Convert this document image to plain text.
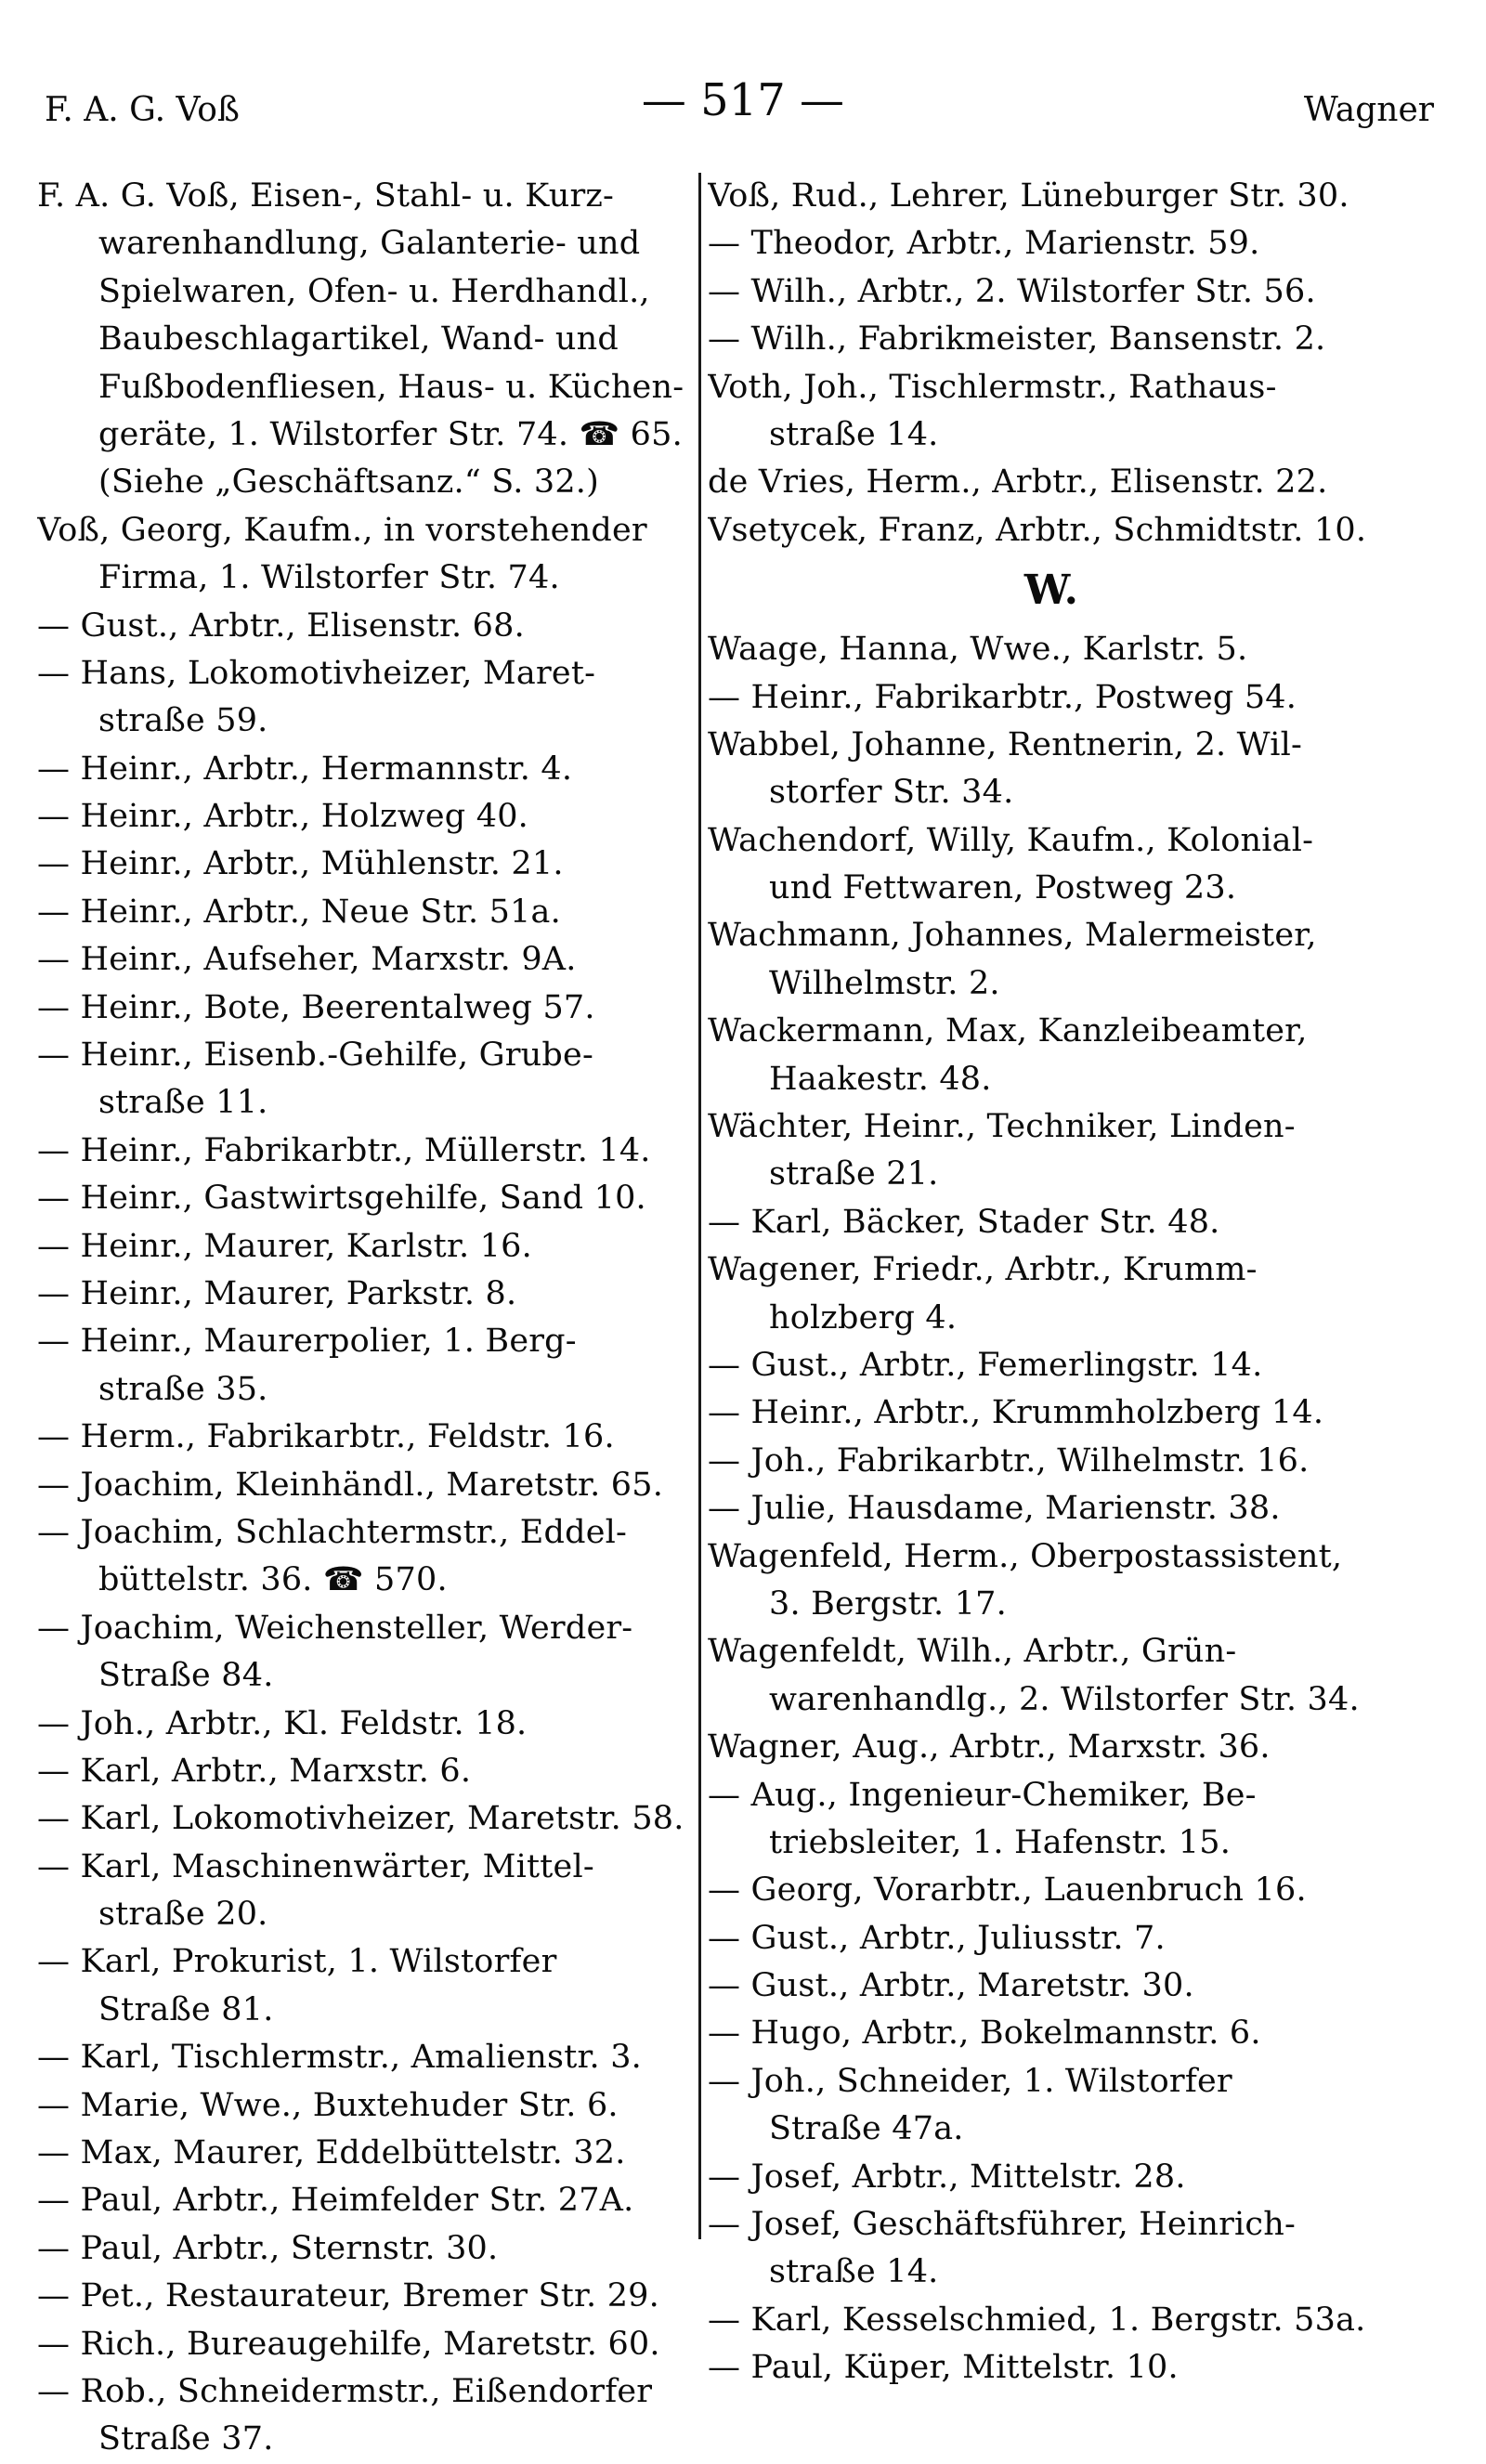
F. A. G. Voß	— 517 —	Wagner
F. A. G. Voß, Eisen-, Stahl- u. Kurz-
warenhandlung, Galanterie- und
Spielwaren, Ofen- u. Herdhandl.,
Baubeschlagartikel, Wand- und
Fußbodenfliesen, Haus- u. Küchen-
geräte, 1. Wilstorfer Str. 74. ☎ 65.
(Siehe „Geschäftsanz.“ S. 32.)
Voß, Georg, Kaufm., in vorstehender
Firma, 1. Wilstorfer Str. 74.
— Gust., Arbtr., Elisenstr. 68.
— Hans, Lokomotivheizer, Maret-
straße 59.
— Heinr., Arbtr., Hermannstr. 4.
— Heinr., Arbtr., Holzweg 40.
— Heinr., Arbtr., Mühlenstr. 21.
— Heinr., Arbtr., Neue Str. 51a.
— Heinr., Aufseher, Marxstr. 9A.
— Heinr., Bote, Beerentalweg 57.
— Heinr., Eisenb.-Gehilfe, Grube-
straße 11.
— Heinr., Fabrikarbtr., Müllerstr. 14.
— Heinr., Gastwirtsgehilfe, Sand 10.
— Heinr., Maurer, Karlstr. 16.
— Heinr., Maurer, Parkstr. 8.
— Heinr., Maurerpolier, 1. Berg-
straße 35.
— Herm., Fabrikarbtr., Feldstr. 16.
— Joachim, Kleinhändl., Maretstr. 65.
— Joachim, Schlachtermstr., Eddel-
büttelstr. 36. ☎ 570.
— Joachim, Weichensteller, Werder-
Straße 84.
— Joh., Arbtr., Kl. Feldstr. 18.
— Karl, Arbtr., Marxstr. 6.
— Karl, Lokomotivheizer, Maretstr. 58.
— Karl, Maschinenwärter, Mittel-
straße 20.
— Karl, Prokurist, 1. Wilstorfer
Straße 81.
— Karl, Tischlermstr., Amalienstr. 3.
— Marie, Wwe., Buxtehuder Str. 6.
— Max, Maurer, Eddelbüttelstr. 32.
— Paul, Arbtr., Heimfelder Str. 27A.
— Paul, Arbtr., Sternstr. 30.
— Pet., Restaurateur, Bremer Str. 29.
— Rich., Bureaugehilfe, Maretstr. 60.
— Rob., Schneidermstr., Eißendorfer
Straße 37.
Voß, Rud., Lehrer, Lüneburger Str. 30.
— Theodor, Arbtr., Marienstr. 59.
— Wilh., Arbtr., 2. Wilstorfer Str. 56.
— Wilh., Fabrikmeister, Bansenstr. 2.
Voth, Joh., Tischlermstr., Rathaus-
straße 14.
de Vries, Herm., Arbtr., Elisenstr. 22.
Vsetycek, Franz, Arbtr., Schmidtstr. 10.
W.
Waage, Hanna, Wwe., Karlstr. 5.
— Heinr., Fabrikarbtr., Postweg 54.
Wabbel, Johanne, Rentnerin, 2. Wil-
storfer Str. 34.
Wachendorf, Willy, Kaufm., Kolonial-
und Fettwaren, Postweg 23.
Wachmann, Johannes, Malermeister,
Wilhelmstr. 2.
Wackermann, Max, Kanzleibeamter,
Haakestr. 48.
Wächter, Heinr., Techniker, Linden-
straße 21.
— Karl, Bäcker, Stader Str. 48.
Wagener, Friedr., Arbtr., Krumm-
holzberg 4.
— Gust., Arbtr., Femerlingstr. 14.
— Heinr., Arbtr., Krummholzberg 14.
— Joh., Fabrikarbtr., Wilhelmstr. 16.
— Julie, Hausdame, Marienstr. 38.
Wagenfeld, Herm., Oberpostassistent,
3. Bergstr. 17.
Wagenfeldt, Wilh., Arbtr., Grün-
warenhandlg., 2. Wilstorfer Str. 34.
Wagner, Aug., Arbtr., Marxstr. 36.
— Aug., Ingenieur-Chemiker, Be-
triebsleiter, 1. Hafenstr. 15.
— Georg, Vorarbtr., Lauenbruch 16.
— Gust., Arbtr., Juliusstr. 7.
— Gust., Arbtr., Maretstr. 30.
— Hugo, Arbtr., Bokelmannstr. 6.
— Joh., Schneider, 1. Wilstorfer
Straße 47a.
— Josef, Arbtr., Mittelstr. 28.
— Josef, Geschäftsführer, Heinrich-
straße 14.
— Karl, Kesselschmied, 1. Bergstr. 53a.
— Paul, Küper, Mittelstr. 10.
